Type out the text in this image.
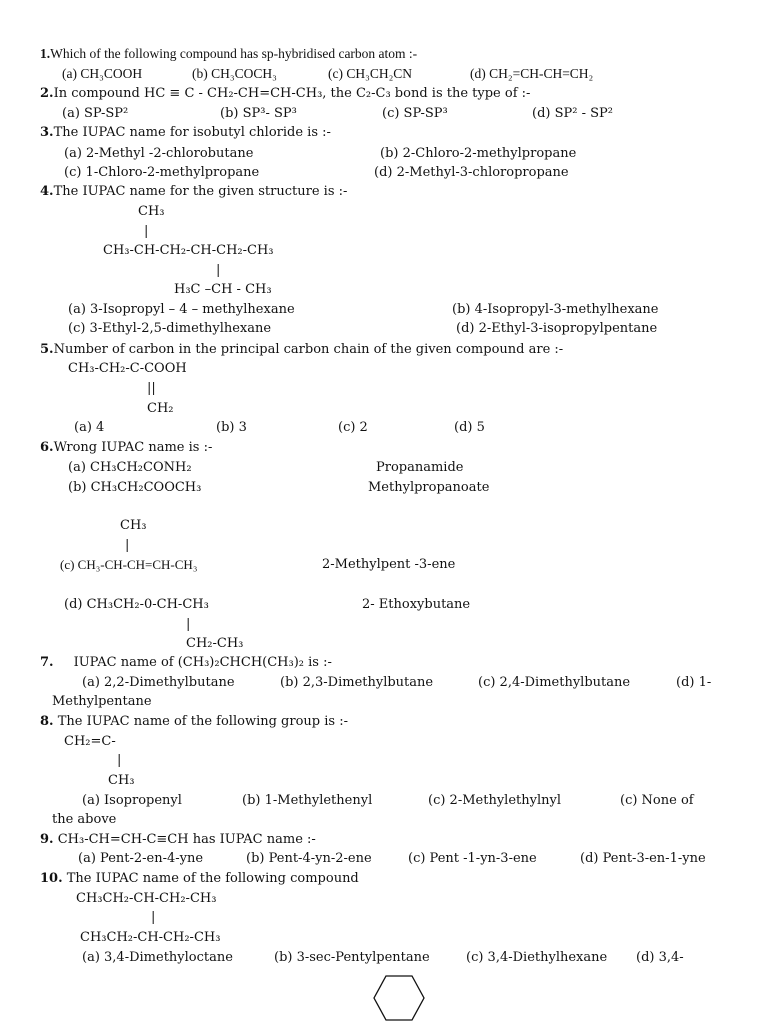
1.Which of the following compound has sp-hybridised carbon atom :-
(a) CH₃COOH	(b) CH₃COCH₃	(c) CH₃CH₂CN	(d) CH₂=CH-CH=CH₂
2.In compound HC ≡ C - CH₂-CH=CH-CH₃, the C₂-C₃ bond is the type of :-
(a) SP-SP²	(b) SP³- SP³	(c) SP-SP³	(d) SP² - SP²
3.The IUPAC name for isobutyl chloride is :-
(a) 2-Methyl -2-chlorobutane	(b) 2-Chloro-2-methylpropane
(c) 1-Chloro-2-methylpropane	(d) 2-Methyl-3-chloropropane
4.The IUPAC name for the given structure is :-
CH₃
|
CH₃-CH-CH₂-CH-CH₂-CH₃
|
H₃C –CH - CH₃
(a) 3-Isopropyl – 4 – methylhexane	(b) 4-Isopropyl-3-methylhexane
(c) 3-Ethyl-2,5-dimethylhexane	(d) 2-Ethyl-3-isopropylpentane
5.Number of carbon in the principal carbon chain of the given compound are :-
CH₃-CH₂-C-COOH
||
CH₂
(a) 4	(b) 3	(c) 2	(d) 5
6.Wrong IUPAC name is :-
(a) CH₃CH₂CONH₂	Propanamide
(b) CH₃CH₂COOCH₃	Methylpropanoate
CH₃
|
(c) CH₃-CH-CH=CH-CH₃	2-Methylpent -3-ene
(d) CH₃CH₂-0-CH-CH₃	2- Ethoxybutane
|
CH₂-CH₃
7. IUPAC name of (CH₃)₂CHCH(CH₃)₂ is :-
(a) 2,2-Dimethylbutane	(b) 2,3-Dimethylbutane	(c) 2,4-Dimethylbutane	(d) 1-
Methylpentane
8. The IUPAC name of the following group is :-
CH₂=C-
|
CH₃
(a) Isopropenyl	(b) 1-Methylethenyl	(c) 2-Methylethylnyl	(c) None of
the above
9. CH₃-CH=CH-C≡CH has IUPAC name :-
(a) Pent-2-en-4-yne	(b) Pent-4-yn-2-ene	(c) Pent -1-yn-3-ene	(d) Pent-3-en-1-yne
10. The IUPAC name of the following compound
CH₃CH₂-CH-CH₂-CH₃
|
CH₃CH₂-CH-CH₂-CH₃
(a) 3,4-Dimethyloctane	(b) 3-sec-Pentylpentane	(c) 3,4-Diethylhexane (d) 3,4-
